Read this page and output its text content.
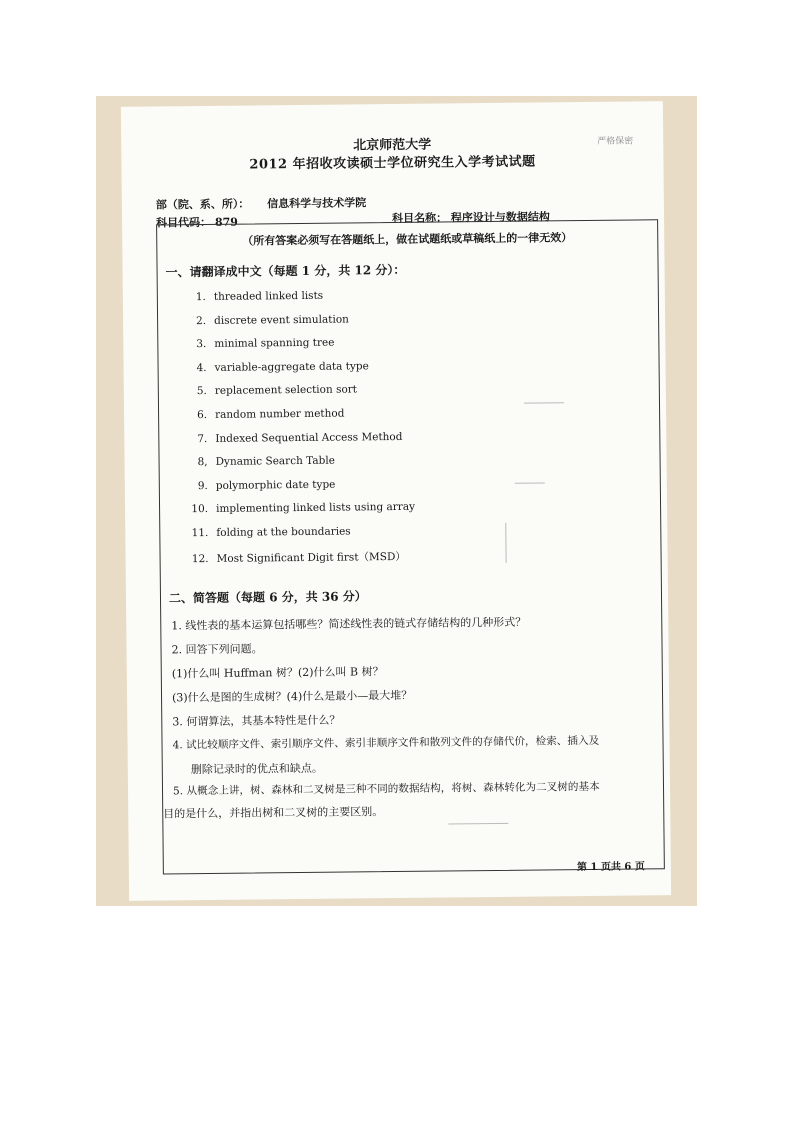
北京师范大学
2012 年招收攻读硕士学位研究生入学考试试题
严格保密
部（院、系、所）： 信息科学与技术学院
科目代码： 879	科目名称： 程序设计与数据结构
（所有答案必须写在答题纸上，做在试题纸或草稿纸上的一律无效）
一、请翻译成中文（每题 1 分，共 12 分）：
1. threaded linked lists
2. discrete event simulation
3. minimal spanning tree
4. variable-aggregate data type
5. replacement selection sort
6. random number method
7. Indexed Sequential Access Method
8, Dynamic Search Table
9. polymorphic date type
10. implementing linked lists using array
11. folding at the boundaries
12. Most Significant Digit first（MSD）
二、简答题（每题 6 分，共 36 分）
1. 线性表的基本运算包括哪些？简述线性表的链式存储结构的几种形式？
2. 回答下列问题。
(1)什么叫 Huffman 树？(2)什么叫 B 树？
(3)什么是图的生成树？(4)什么是最小—最大堆？
3. 何谓算法，其基本特性是什么？
4. 试比较顺序文件、索引顺序文件、索引非顺序文件和散列文件的存储代价，检索、插入及
删除记录时的优点和缺点。
5. 从概念上讲，树、森林和二叉树是三种不同的数据结构，将树、森林转化为二叉树的基本
目的是什么，并指出树和二叉树的主要区别。
第 1 页共 6 页
